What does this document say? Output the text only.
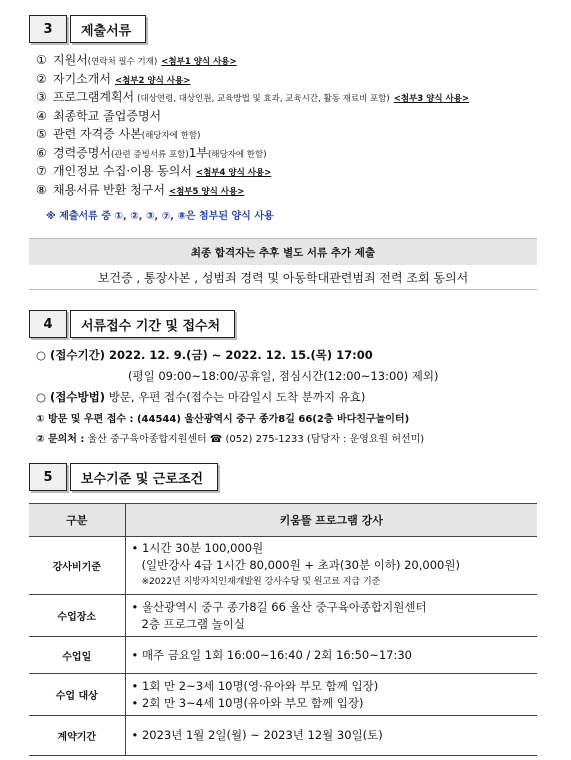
3	제출서류
① 지원서 (연락처 필수 기재) <첨부1 양식 사용>
② 자기소개서 <첨부2 양식 사용>
③ 프로그램계획서 (대상연령, 대상인원, 교육방법 및 효과, 교육시간, 활동 재료비 포함) <첨부3 양식 사용>
④ 최종학교 졸업증명서
⑤ 관련 자격증 사본 (해당자에 한함)
⑥ 경력증명서 (관련 증빙서류 포함) 1부 (해당자에 한함)
⑦ 개인정보 수집·이용 동의서 <첨부4 양식 사용>
⑧ 채용서류 반환 청구서 <첨부5 양식 사용>
※ 제출서류 중 ①, ②, ③, ⑦, ⑧은 첨부된 양식 사용
최종 합격자는 추후 별도 서류 추가 제출
보건증 , 통장사본 , 성범죄 경력 및 아동학대관련범죄 전력 조회 동의서
4	서류접수 기간 및 접수처
○ (접수기간) 2022. 12. 9.(금) ~ 2022. 12. 15.(목) 17:00
(평일 09:00~18:00/공휴일, 점심시간(12:00~13:00) 제외)
○ (접수방법) 방문, 우편 접수(접수는 마감일시 도착 분까지 유효)
① 방문 및 우편 접수 : (44544) 울산광역시 중구 종가8길 66(2층 바다친구놀이터)
② 문의처 : 울산 중구육아종합지원센터 ☎ (052) 275-1233 (담당자 : 운영요원 허선미)
5	보수기준 및 근로조건
구분	키움뜰 프로그램 강사
강사비기준	• 1시간 30분 100,000원
(일반강사 4급 1시간 80,000원 + 초과(30분 이하) 20,000원)
※2022년 지방자치인재개발원 강사수당 및 원고료 지급 기준

수업장소	• 울산광역시 중구 종가8길 66 울산 중구육아종합지원센터
2층 프로그램 놀이실

수업일	• 매주 금요일 1회 16:00~16:40 / 2회 16:50~17:30
수업 대상	• 1회 만 2~3세 10명(영·유아와 부모 함께 입장)
• 2회 만 3~4세 10명(유아와 부모 함께 입장)

계약기간	• 2023년 1월 2일(월) ~ 2023년 12월 30일(토)
